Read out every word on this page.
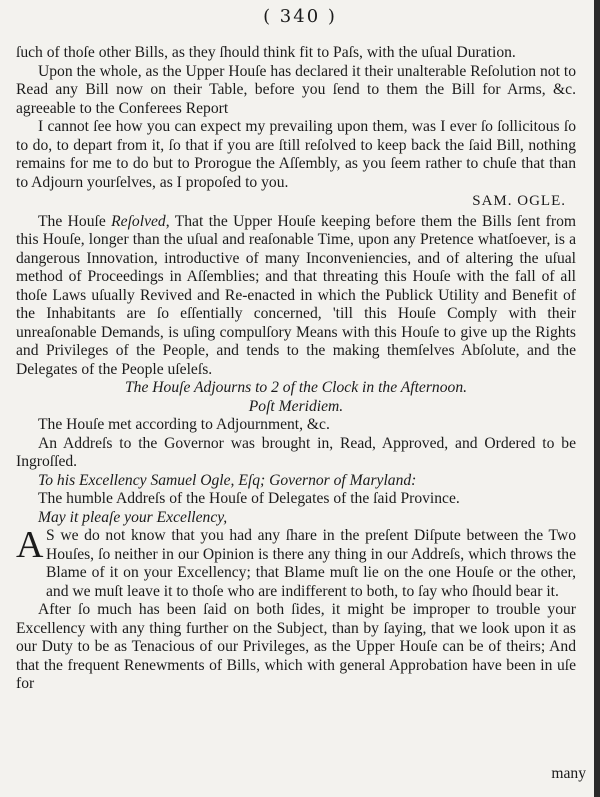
( 340 )

ſuch of thoſe other Bills, as they ſhould think fit to Paſs, with the uſual Duration.

Upon the whole, as the Upper Houſe has declared it their unalterable Reſolution not to Read any Bill now on their Table, before you ſend to them the Bill for Arms, &c. agreeable to the Conferees Report

I cannot ſee how you can expect my prevailing upon them, was I ever ſo ſollicitous ſo to do, to depart from it, ſo that if you are ſtill reſolved to keep back the ſaid Bill, nothing remains for me to do but to Prorogue the Aſſembly, as you ſeem rather to chuſe that than to Adjourn yourſelves, as I propoſed to you.

SAM. OGLE.

The Houſe Reſolved, That the Upper Houſe keeping before them the Bills ſent from this Houſe, longer than the uſual and reaſonable Time, upon any Pretence whatſoever, is a dangerous Innovation, introductive of many Inconveniencies, and of altering the uſual method of Proceedings in Aſſemblies; and that threating this Houſe with the fall of all thoſe Laws uſually Revived and Re-enacted in which the Publick Utility and Benefit of the Inhabitants are ſo eſſentially concerned, 'till this Houſe Comply with their unreaſonable Demands, is uſing compulſory Means with this Houſe to give up the Rights and Privileges of the People, and tends to the making themſelves Abſolute, and the Delegates of the People uſeleſs.

The Houſe Adjourns to 2 of the Clock in the Afternoon.

Poſt Meridiem.

The Houſe met according to Adjournment, &c.

An Addreſs to the Governor was brought in, Read, Approved, and Ordered to be Ingroſſed.

To his Excellency Samuel Ogle, Eſq; Governor of Maryland:

The humble Addreſs of the Houſe of Delegates of the ſaid Province.

May it pleaſe your Excellency,

A S we do not know that you had any ſhare in the preſent Diſpute between the Two Houſes, ſo neither in our Opinion is there any thing in our Addreſs, which throws the Blame of it on your Excellency; that Blame muſt lie on the one Houſe or the other, and we muſt leave it to thoſe who are indifferent to both, to ſay who ſhould bear it.

After ſo much has been ſaid on both ſides, it might be improper to trouble your Excellency with any thing further on the Subject, than by ſaying, that we look upon it as our Duty to be as Tenacious of our Privileges, as the Upper Houſe can be of theirs; And that the frequent Renewments of Bills, which with general Approbation have been in uſe for

many
